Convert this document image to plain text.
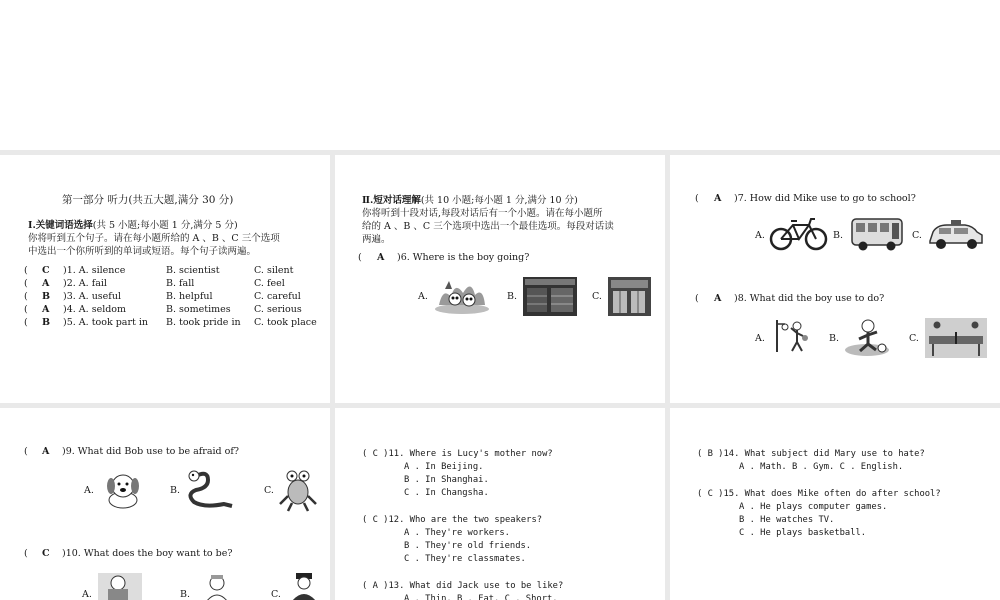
第一部分 听力(共五大题,满分 30 分)
Ⅰ.关键词语选择(共 5 小题;每小题 1 分,满分 5 分)
你将听到五个句子。请在每小题所给的 A 、B 、C 三个选项
中选出一个你所听到的单词或短语。每个句子读两遍。
( C )1. A. silence	B. scientist	C. silent
( A )2. A. fail	B. fall	C. feel
( B )3. A. useful	B. helpful	C. careful
( A )4. A. seldom	B. sometimes C. serious
( B )5. A. took part in B. took pride in C. took place
Ⅱ.短对话理解(共 10 小题;每小题 1 分,满分 10 分)
你将听到十段对话,每段对话后有一个小题。请在每小题所
给的 A 、B 、C 三个选项中选出一个最佳选项。每段对话读
两遍。
( A )6. Where is the boy going?
A.	B.	C.
( A )7. How did Mike use to go to school?
A.	B.	C.
( A )8. What did the boy use to do?
A.	B.	C.
( A )9. What did Bob use to be afraid of?
A.	B.	C.
( C )10. What does the boy want to be?
A.	B.	C.
( C )11. Where is Lucy's mother now?
A . In Beijing.
B . In Shanghai.
C . In Changsha.
( C )12. Who are the two speakers?
A . They're workers.
B . They're old friends.
C . They're classmates.
( A )13. What did Jack use to be like?
A . Thin. B . Fat. C . Short.
( B )14. What subject did Mary use to hate?
A . Math. B . Gym. C . English.
( C )15. What does Mike often do after school?
A . He plays computer games.
B . He watches TV.
C . He plays basketball.
